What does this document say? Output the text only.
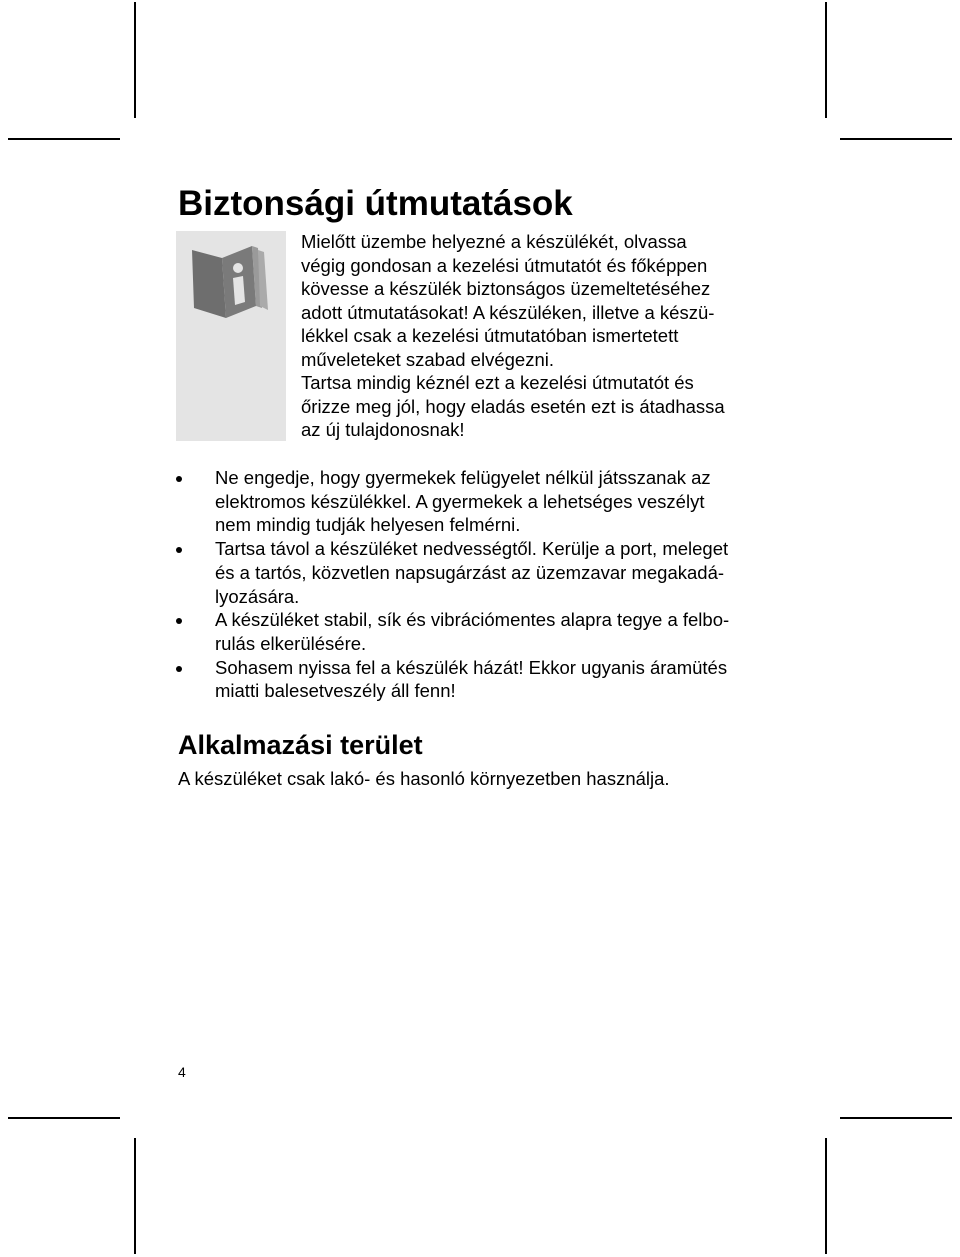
Biztonsági útmutatások
Mielőtt üzembe helyezné a készülékét, olvassa
végig gondosan a kezelési útmutatót és főképpen
kövesse a készülék biztonságos üzemeltetéséhez
adott útmutatásokat! A készüléken, illetve a készü-
lékkel csak a kezelési útmutatóban ismertetett
műveleteket szabad elvégezni.
Tartsa mindig kéznél ezt a kezelési útmutatót és
őrizze meg jól, hogy eladás esetén ezt is átadhassa
az új tulajdonosnak!
Ne engedje, hogy gyermekek felügyelet nélkül játsszanak az
elektromos készülékkel. A gyermekek a lehetséges veszélyt
nem mindig tudják helyesen felmérni.
Tartsa távol a készüléket nedvességtől. Kerülje a port, meleget
és a tartós, közvetlen napsugárzást az üzemzavar megakadá-
lyozására.
A készüléket stabil, sík és vibrációmentes alapra tegye a felbo-
rulás elkerülésére.
Sohasem nyissa fel a készülék házát! Ekkor ugyanis áramütés
miatti balesetveszély áll fenn!
Alkalmazási terület

A készüléket csak lakó- és hasonló környezetben használja.

4
